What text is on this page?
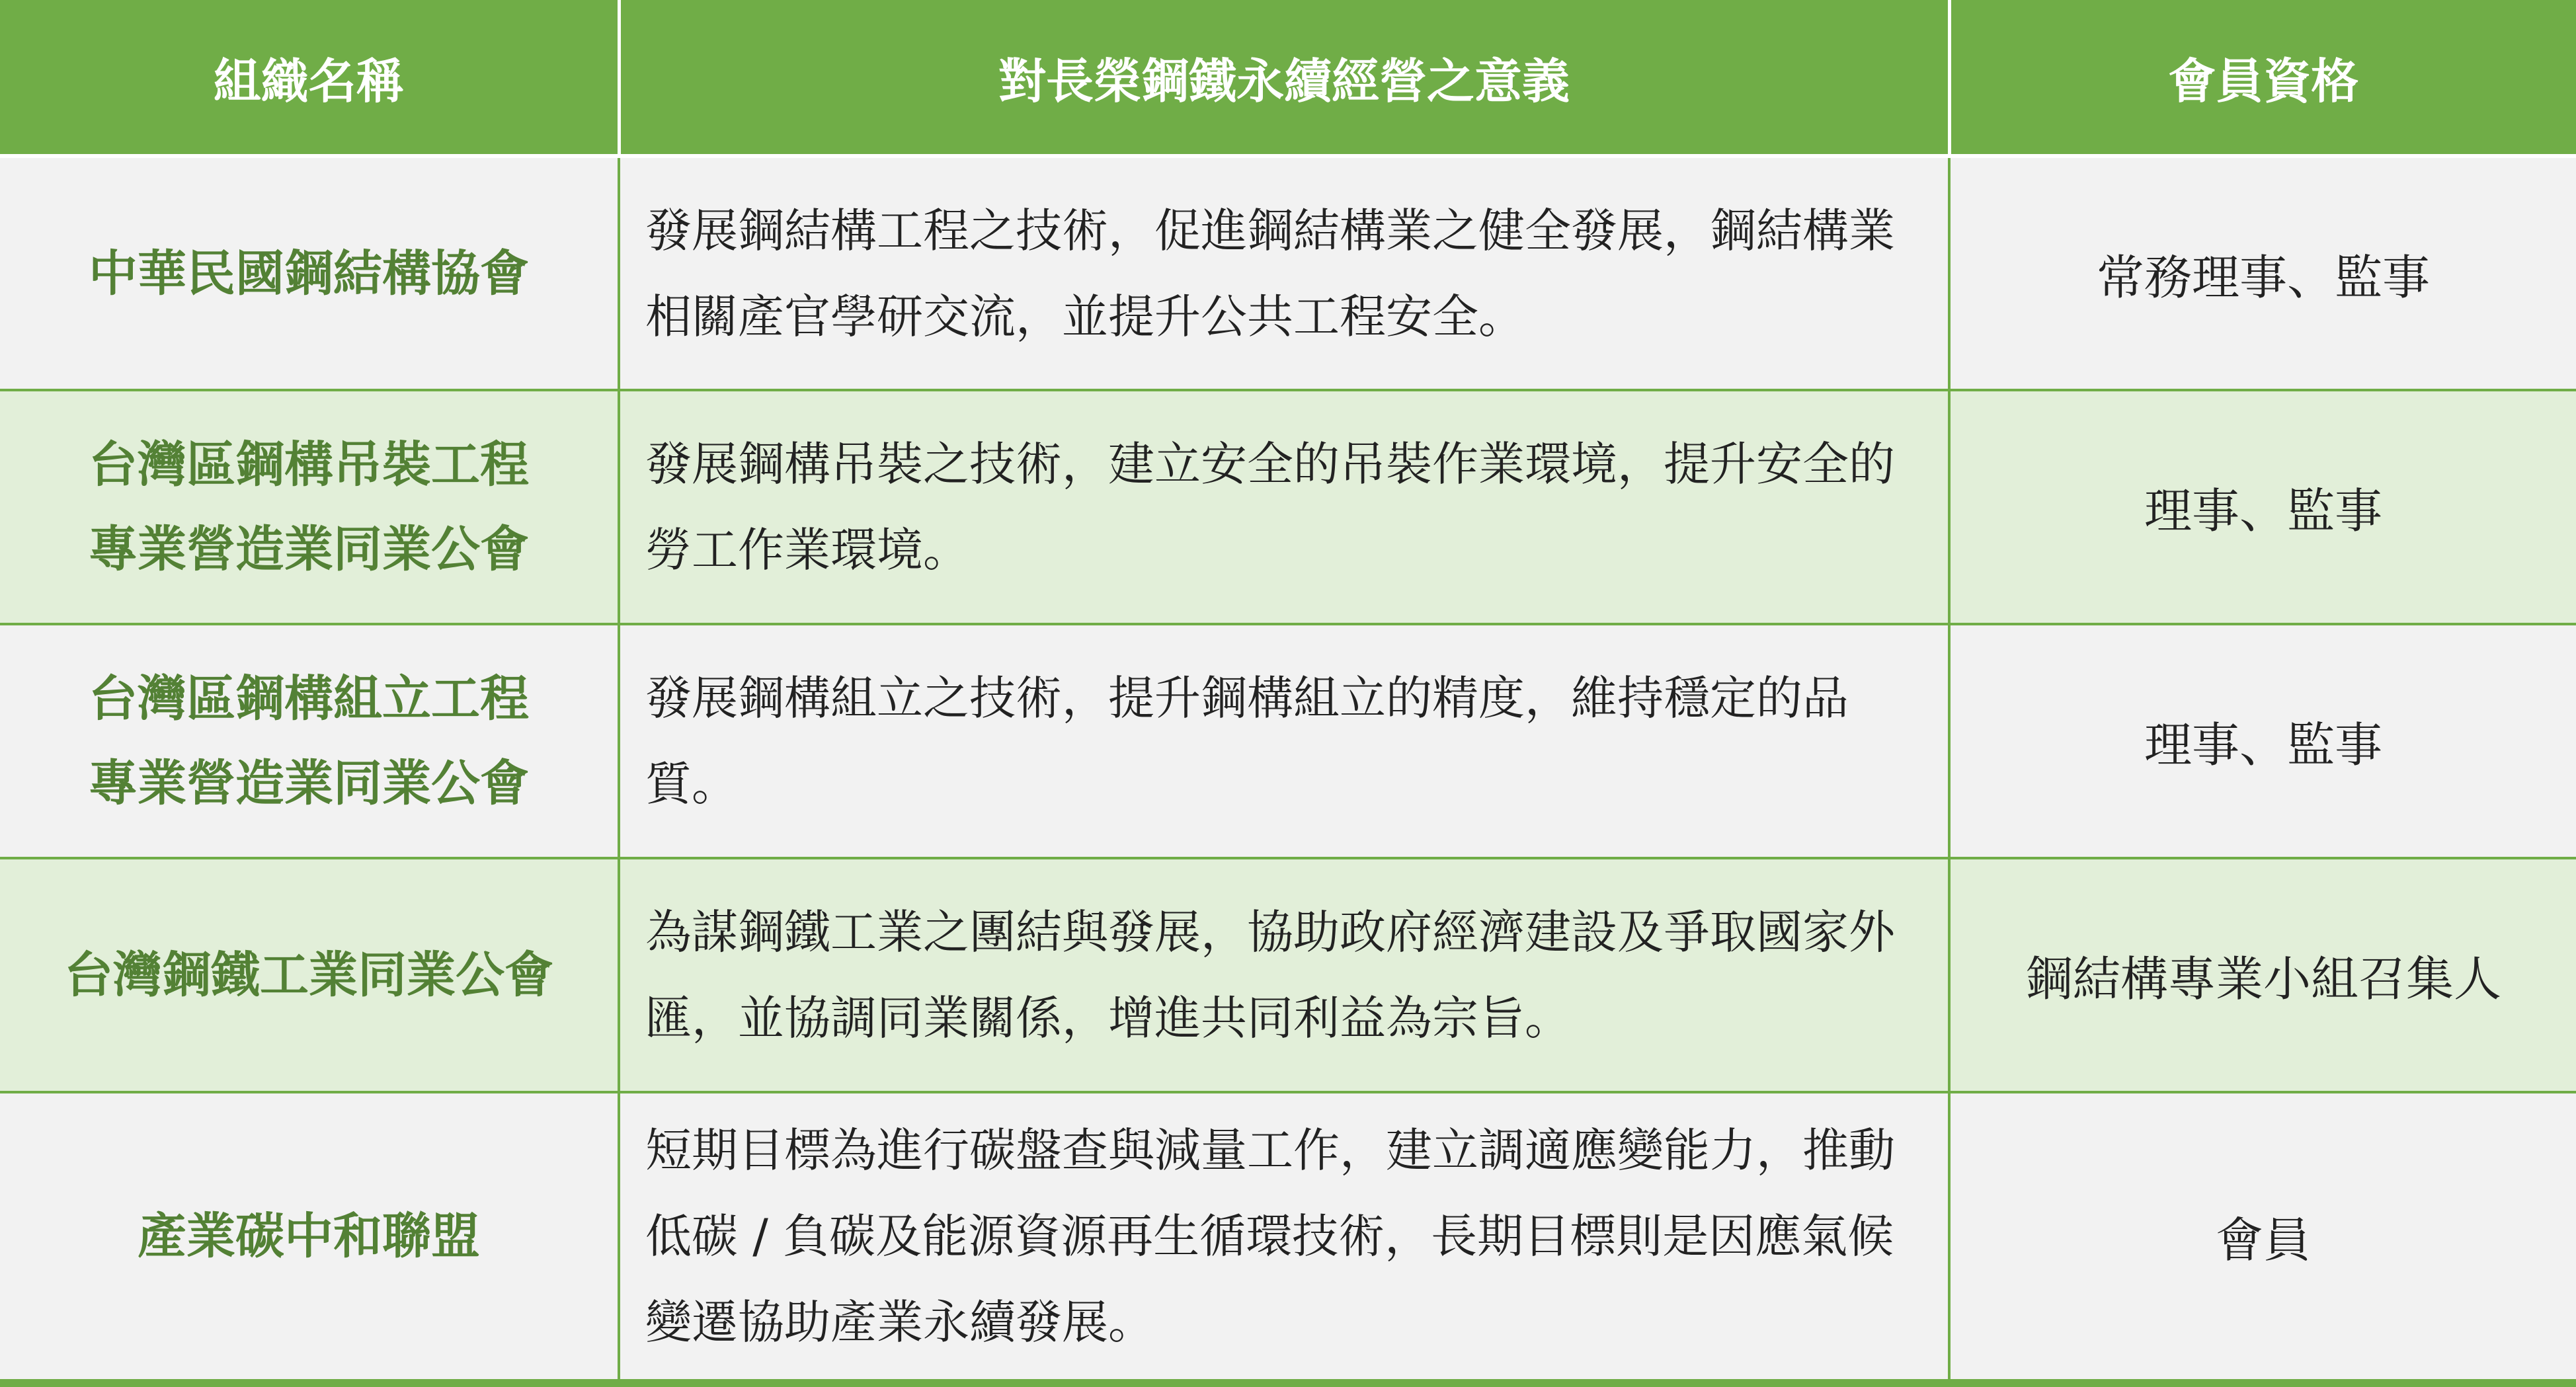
組織名稱	對長榮鋼鐵永續經營之意義	會員資格

中華民國鋼結構協會	發展鋼結構工程之技術，促進鋼結構業之健全發展，鋼結構業相關產官學研交流，並提升公共工程安全。	常務理事、監事

台灣區鋼構吊裝工程
專業營造業同業公會	發展鋼構吊裝之技術，建立安全的吊裝作業環境，提升安全的勞工作業環境。	理事、監事

台灣區鋼構組立工程
專業營造業同業公會	發展鋼構組立之技術，提升鋼構組立的精度，維持穩定的品質。	理事、監事

台灣鋼鐵工業同業公會	為謀鋼鐵工業之團結與發展，協助政府經濟建設及爭取國家外匯，並協調同業關係，增進共同利益為宗旨。	鋼結構專業小組召集人

產業碳中和聯盟	短期目標為進行碳盤查與減量工作，建立調適應變能力，推動低碳 / 負碳及能源資源再生循環技術，長期目標則是因應氣候變遷協助產業永續發展。	會員
